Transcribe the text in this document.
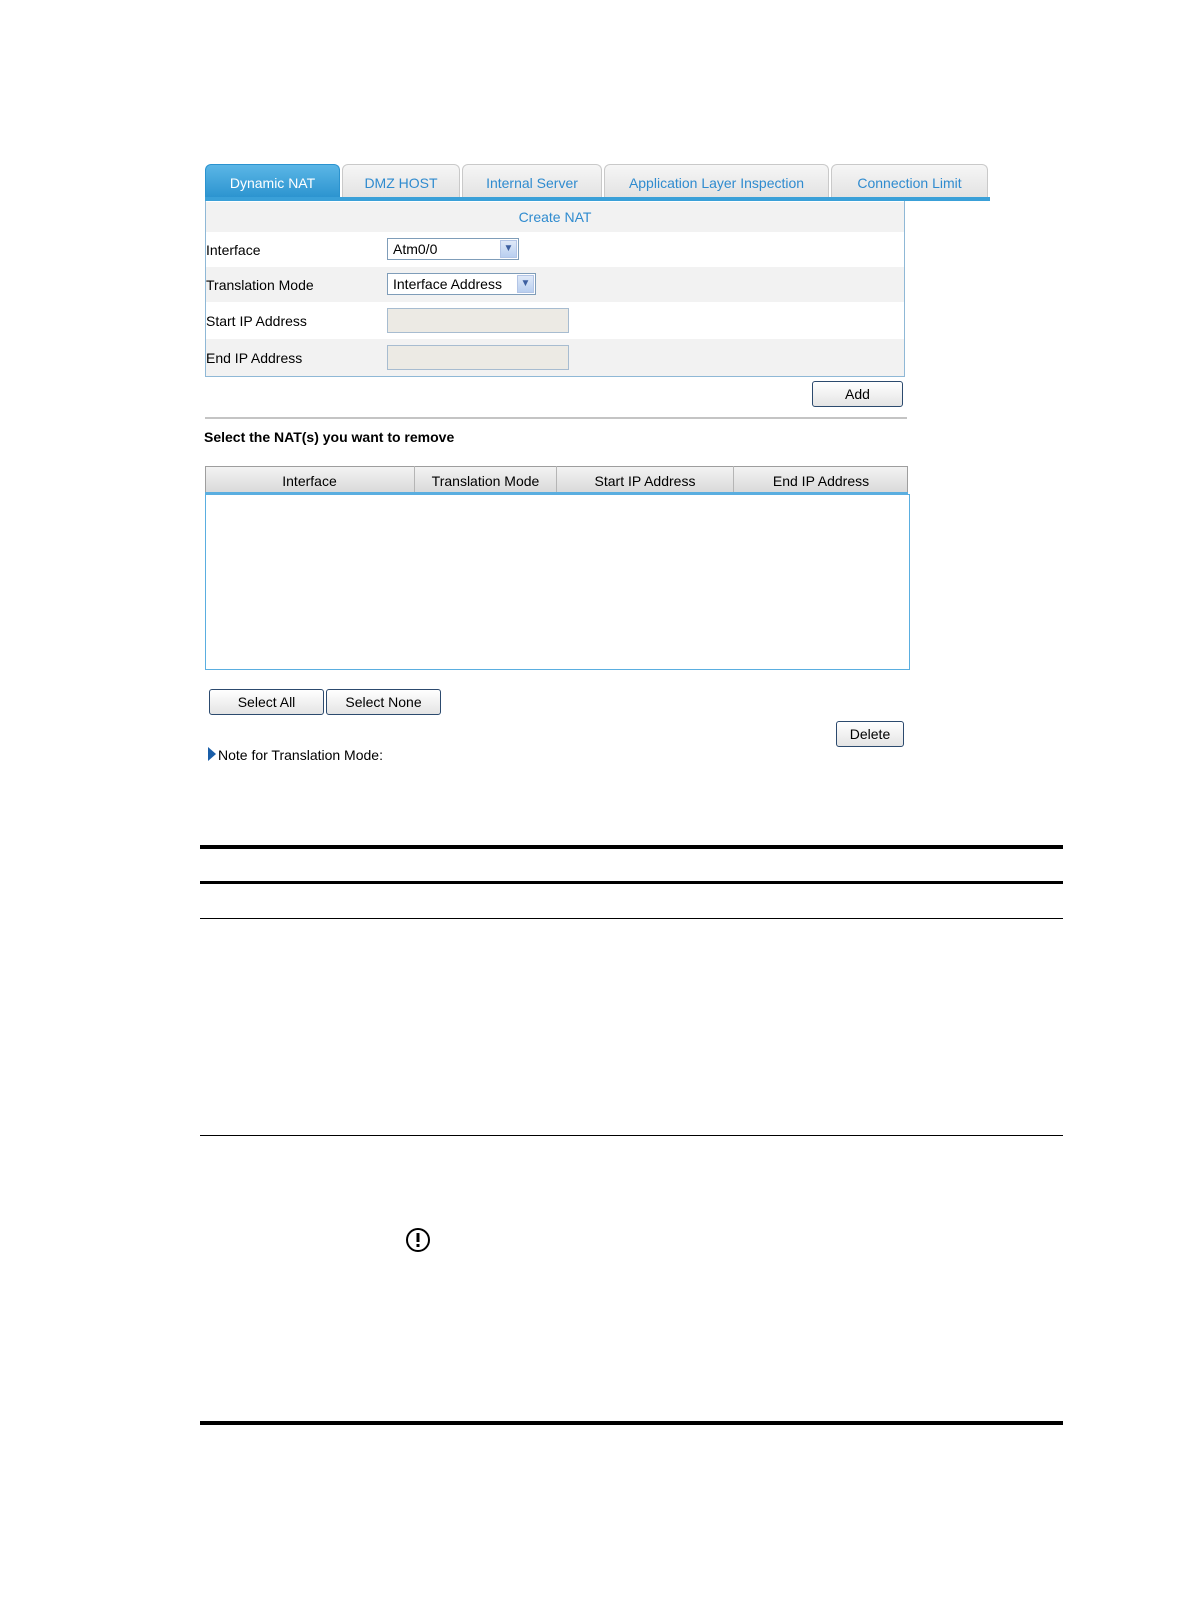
Dynamic NAT	DMZ HOST	Internal Server	Application Layer Inspection	Connection Limit
Create NAT
Interface	Atm0/0	▼
Translation Mode	Interface Address	▼
Start IP Address
End IP Address
Add
Select the NAT(s) you want to remove
Interface	Translation Mode	Start IP Address	End IP Address
Select All	Select None
Delete
Note for Translation Mode:
